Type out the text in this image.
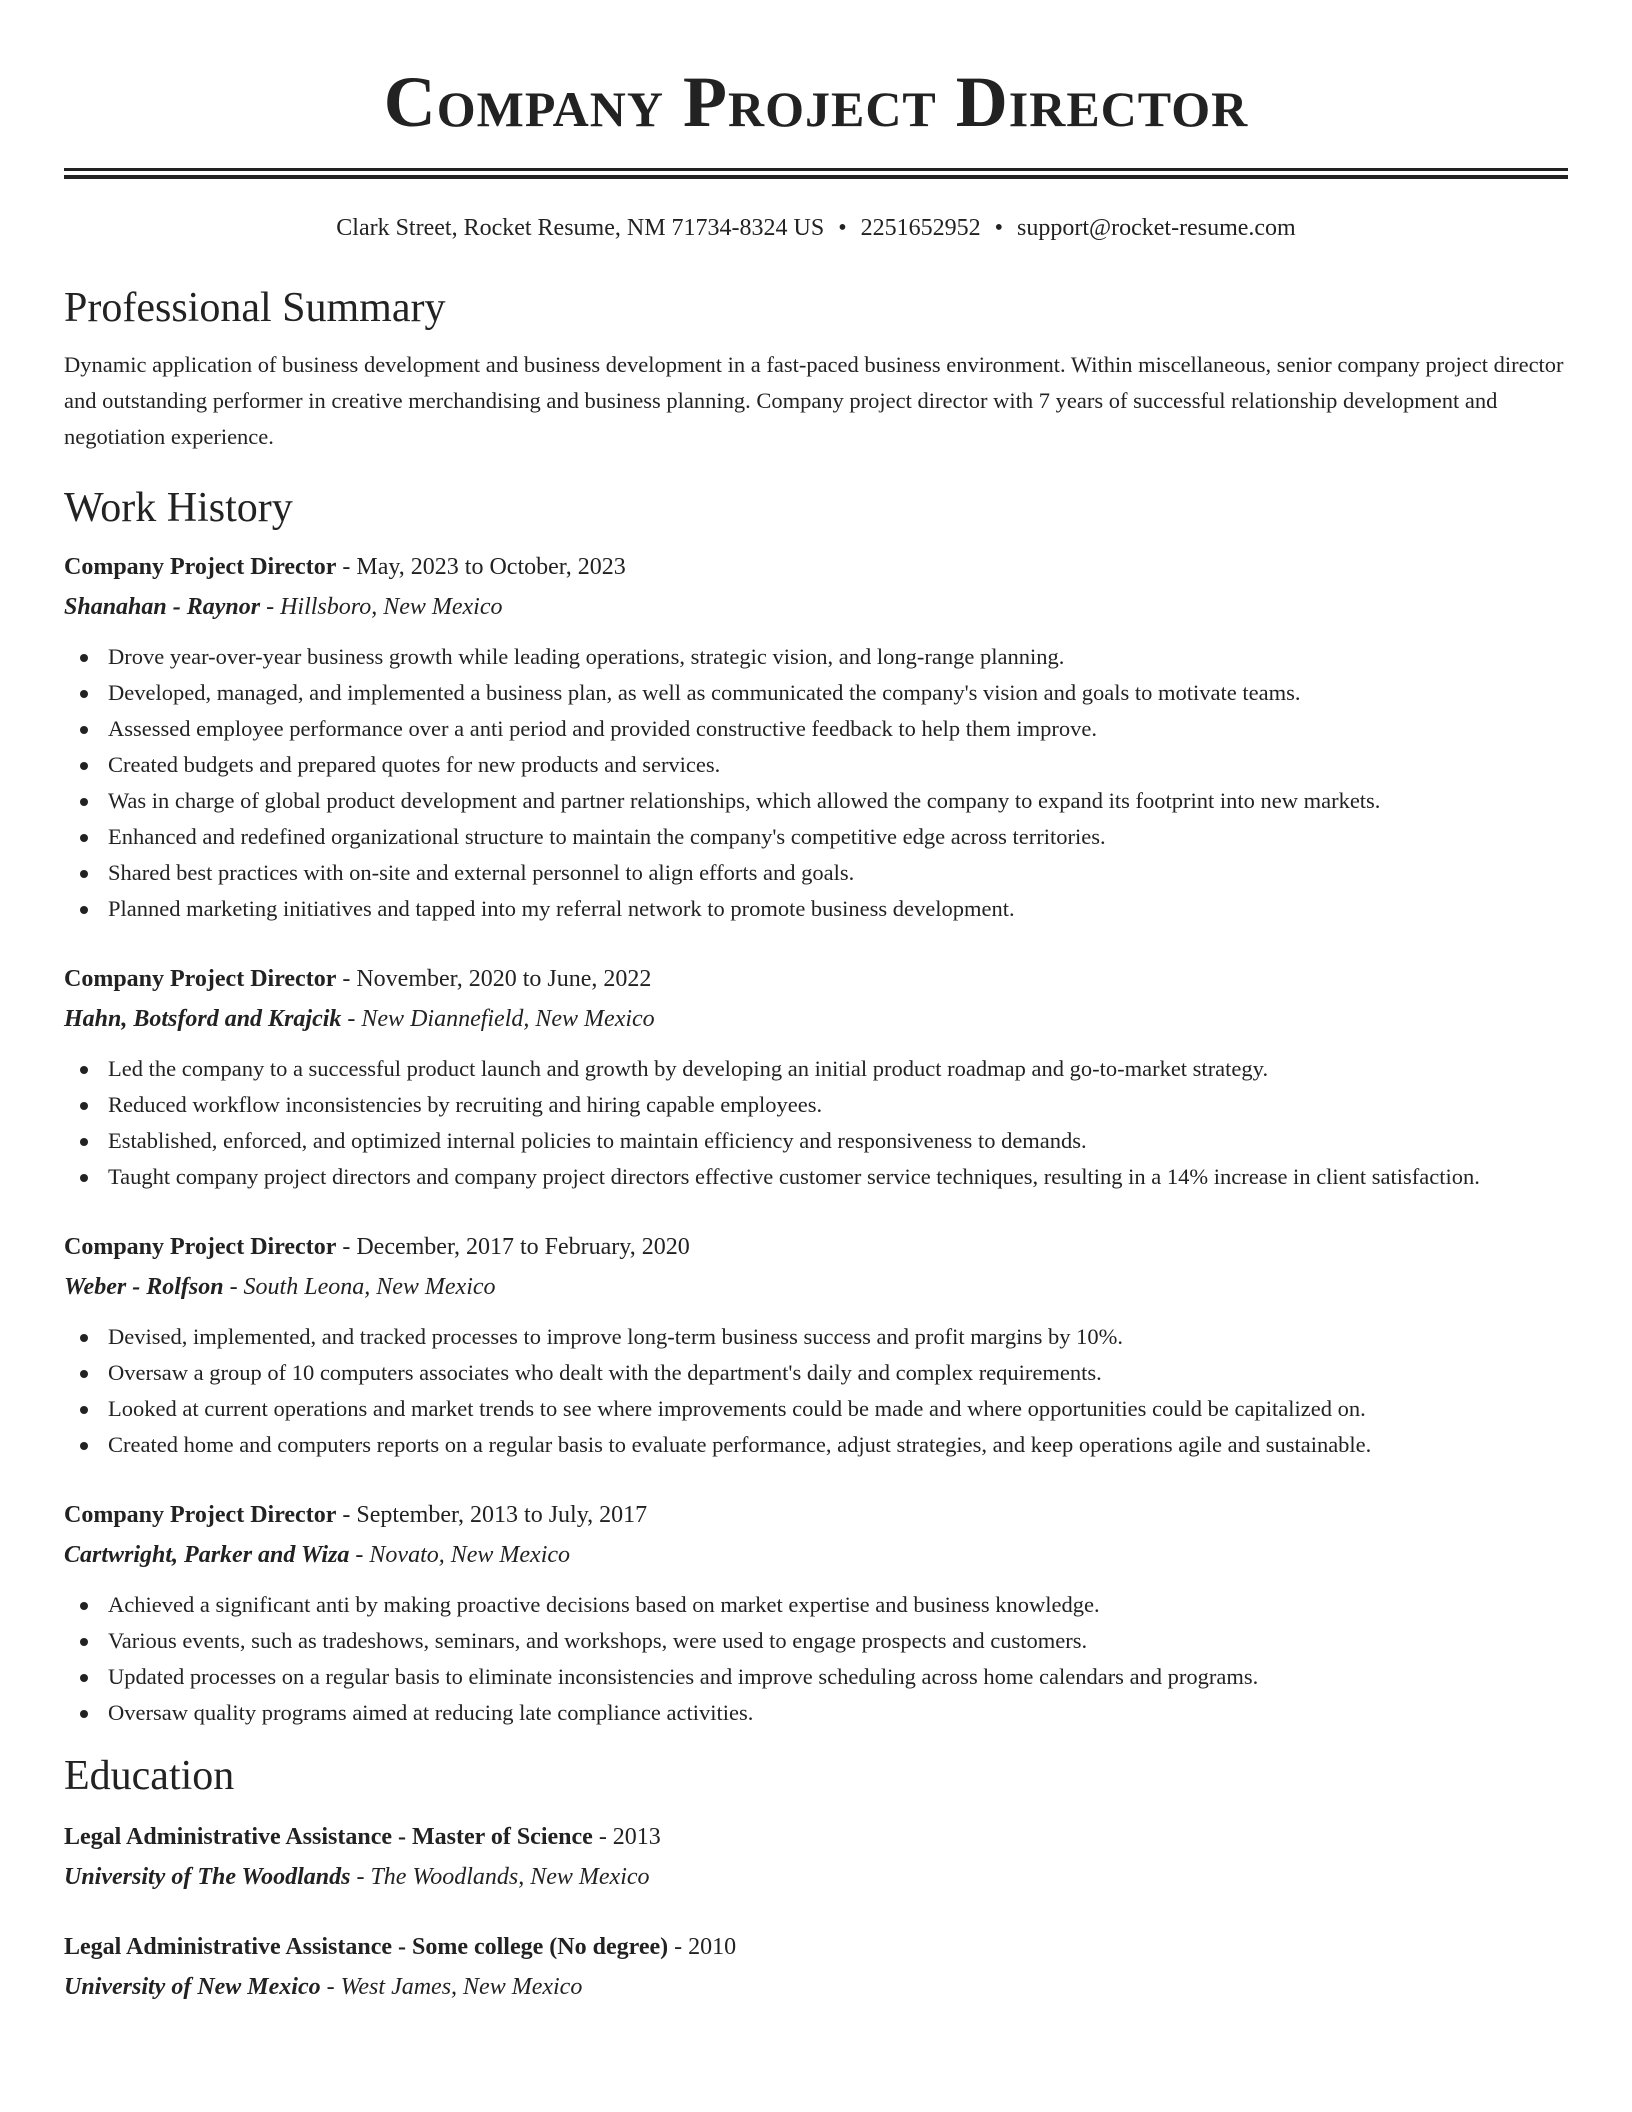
Company Project Director
Clark Street, Rocket Resume, NM 71734-8324 US • 2251652952 • support@rocket-resume.com
Professional Summary

Dynamic application of business development and business development in a fast-paced business environment. Within miscellaneous, senior company project director and outstanding performer in creative merchandising and business planning. Company project director with 7 years of successful relationship development and negotiation experience.

Work History
Company Project Director - May, 2023 to October, 2023
Shanahan - Raynor - Hillsboro, New Mexico
Drove year-over-year business growth while leading operations, strategic vision, and long-range planning.
Developed, managed, and implemented a business plan, as well as communicated the company's vision and goals to motivate teams.
Assessed employee performance over a anti period and provided constructive feedback to help them improve.
Created budgets and prepared quotes for new products and services.
Was in charge of global product development and partner relationships, which allowed the company to expand its footprint into new markets.
Enhanced and redefined organizational structure to maintain the company's competitive edge across territories.
Shared best practices with on-site and external personnel to align efforts and goals.
Planned marketing initiatives and tapped into my referral network to promote business development.
Company Project Director - November, 2020 to June, 2022
Hahn, Botsford and Krajcik - New Diannefield, New Mexico
Led the company to a successful product launch and growth by developing an initial product roadmap and go-to-market strategy.
Reduced workflow inconsistencies by recruiting and hiring capable employees.
Established, enforced, and optimized internal policies to maintain efficiency and responsiveness to demands.
Taught company project directors and company project directors effective customer service techniques, resulting in a 14% increase in client satisfaction.
Company Project Director - December, 2017 to February, 2020
Weber - Rolfson - South Leona, New Mexico
Devised, implemented, and tracked processes to improve long-term business success and profit margins by 10%.
Oversaw a group of 10 computers associates who dealt with the department's daily and complex requirements.
Looked at current operations and market trends to see where improvements could be made and where opportunities could be capitalized on.
Created home and computers reports on a regular basis to evaluate performance, adjust strategies, and keep operations agile and sustainable.
Company Project Director - September, 2013 to July, 2017
Cartwright, Parker and Wiza - Novato, New Mexico
Achieved a significant anti by making proactive decisions based on market expertise and business knowledge.
Various events, such as tradeshows, seminars, and workshops, were used to engage prospects and customers.
Updated processes on a regular basis to eliminate inconsistencies and improve scheduling across home calendars and programs.
Oversaw quality programs aimed at reducing late compliance activities.
Education
Legal Administrative Assistance - Master of Science - 2013
University of The Woodlands - The Woodlands, New Mexico
Legal Administrative Assistance - Some college (No degree) - 2010
University of New Mexico - West James, New Mexico
